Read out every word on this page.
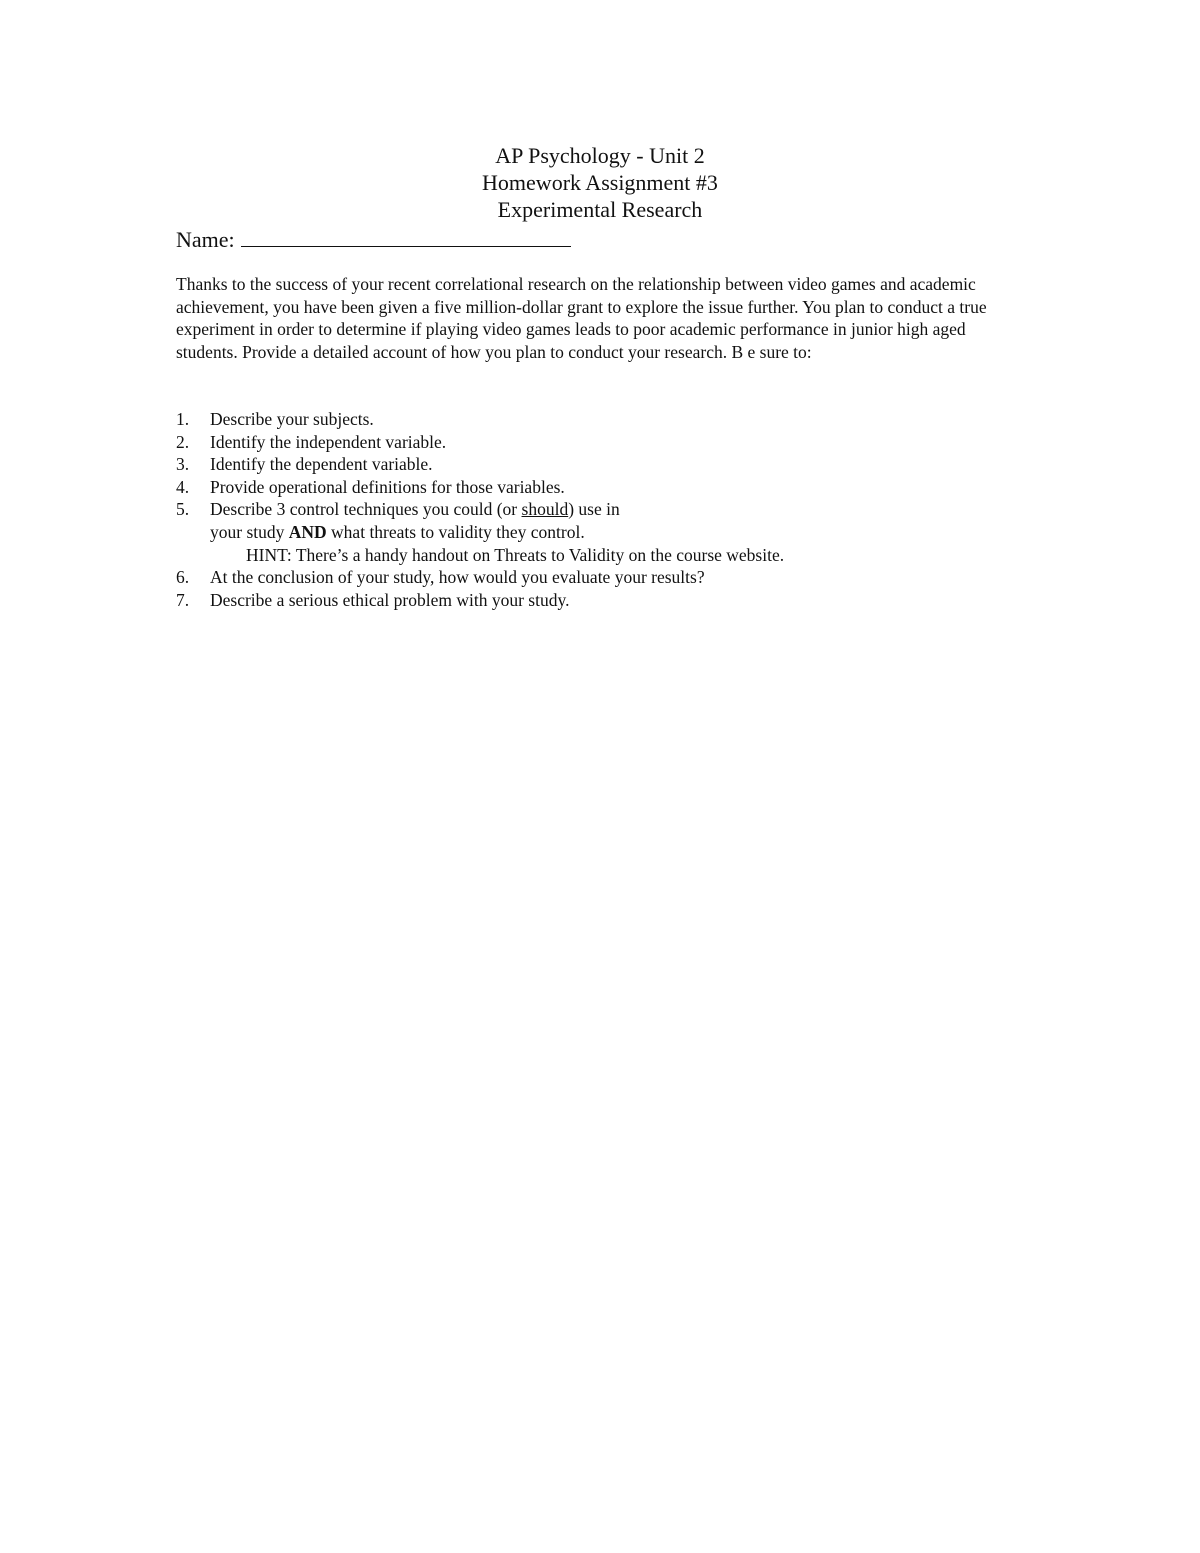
AP Psychology - Unit 2
Homework Assignment #3
Experimental Research
Name:

Thanks to the success of your recent correlational research on the relationship between video games and academic achievement, you have been given a five million-dollar grant to explore the issue further. You plan to conduct a true experiment in order to determine if playing video games leads to poor academic performance in junior high aged students. Provide a detailed account of how you plan to conduct your research. B e sure to:

1. Describe your subjects.
2. Identify the independent variable.
3. Identify the dependent variable.
4. Provide operational definitions for those variables.
5. Describe 3 control techniques you could (or should) use in
your study AND what threats to validity they control.
HINT: There’s a handy handout on Threats to Validity on the course website.
6. At the conclusion of your study, how would you evaluate your results?
7. Describe a serious ethical problem with your study.
